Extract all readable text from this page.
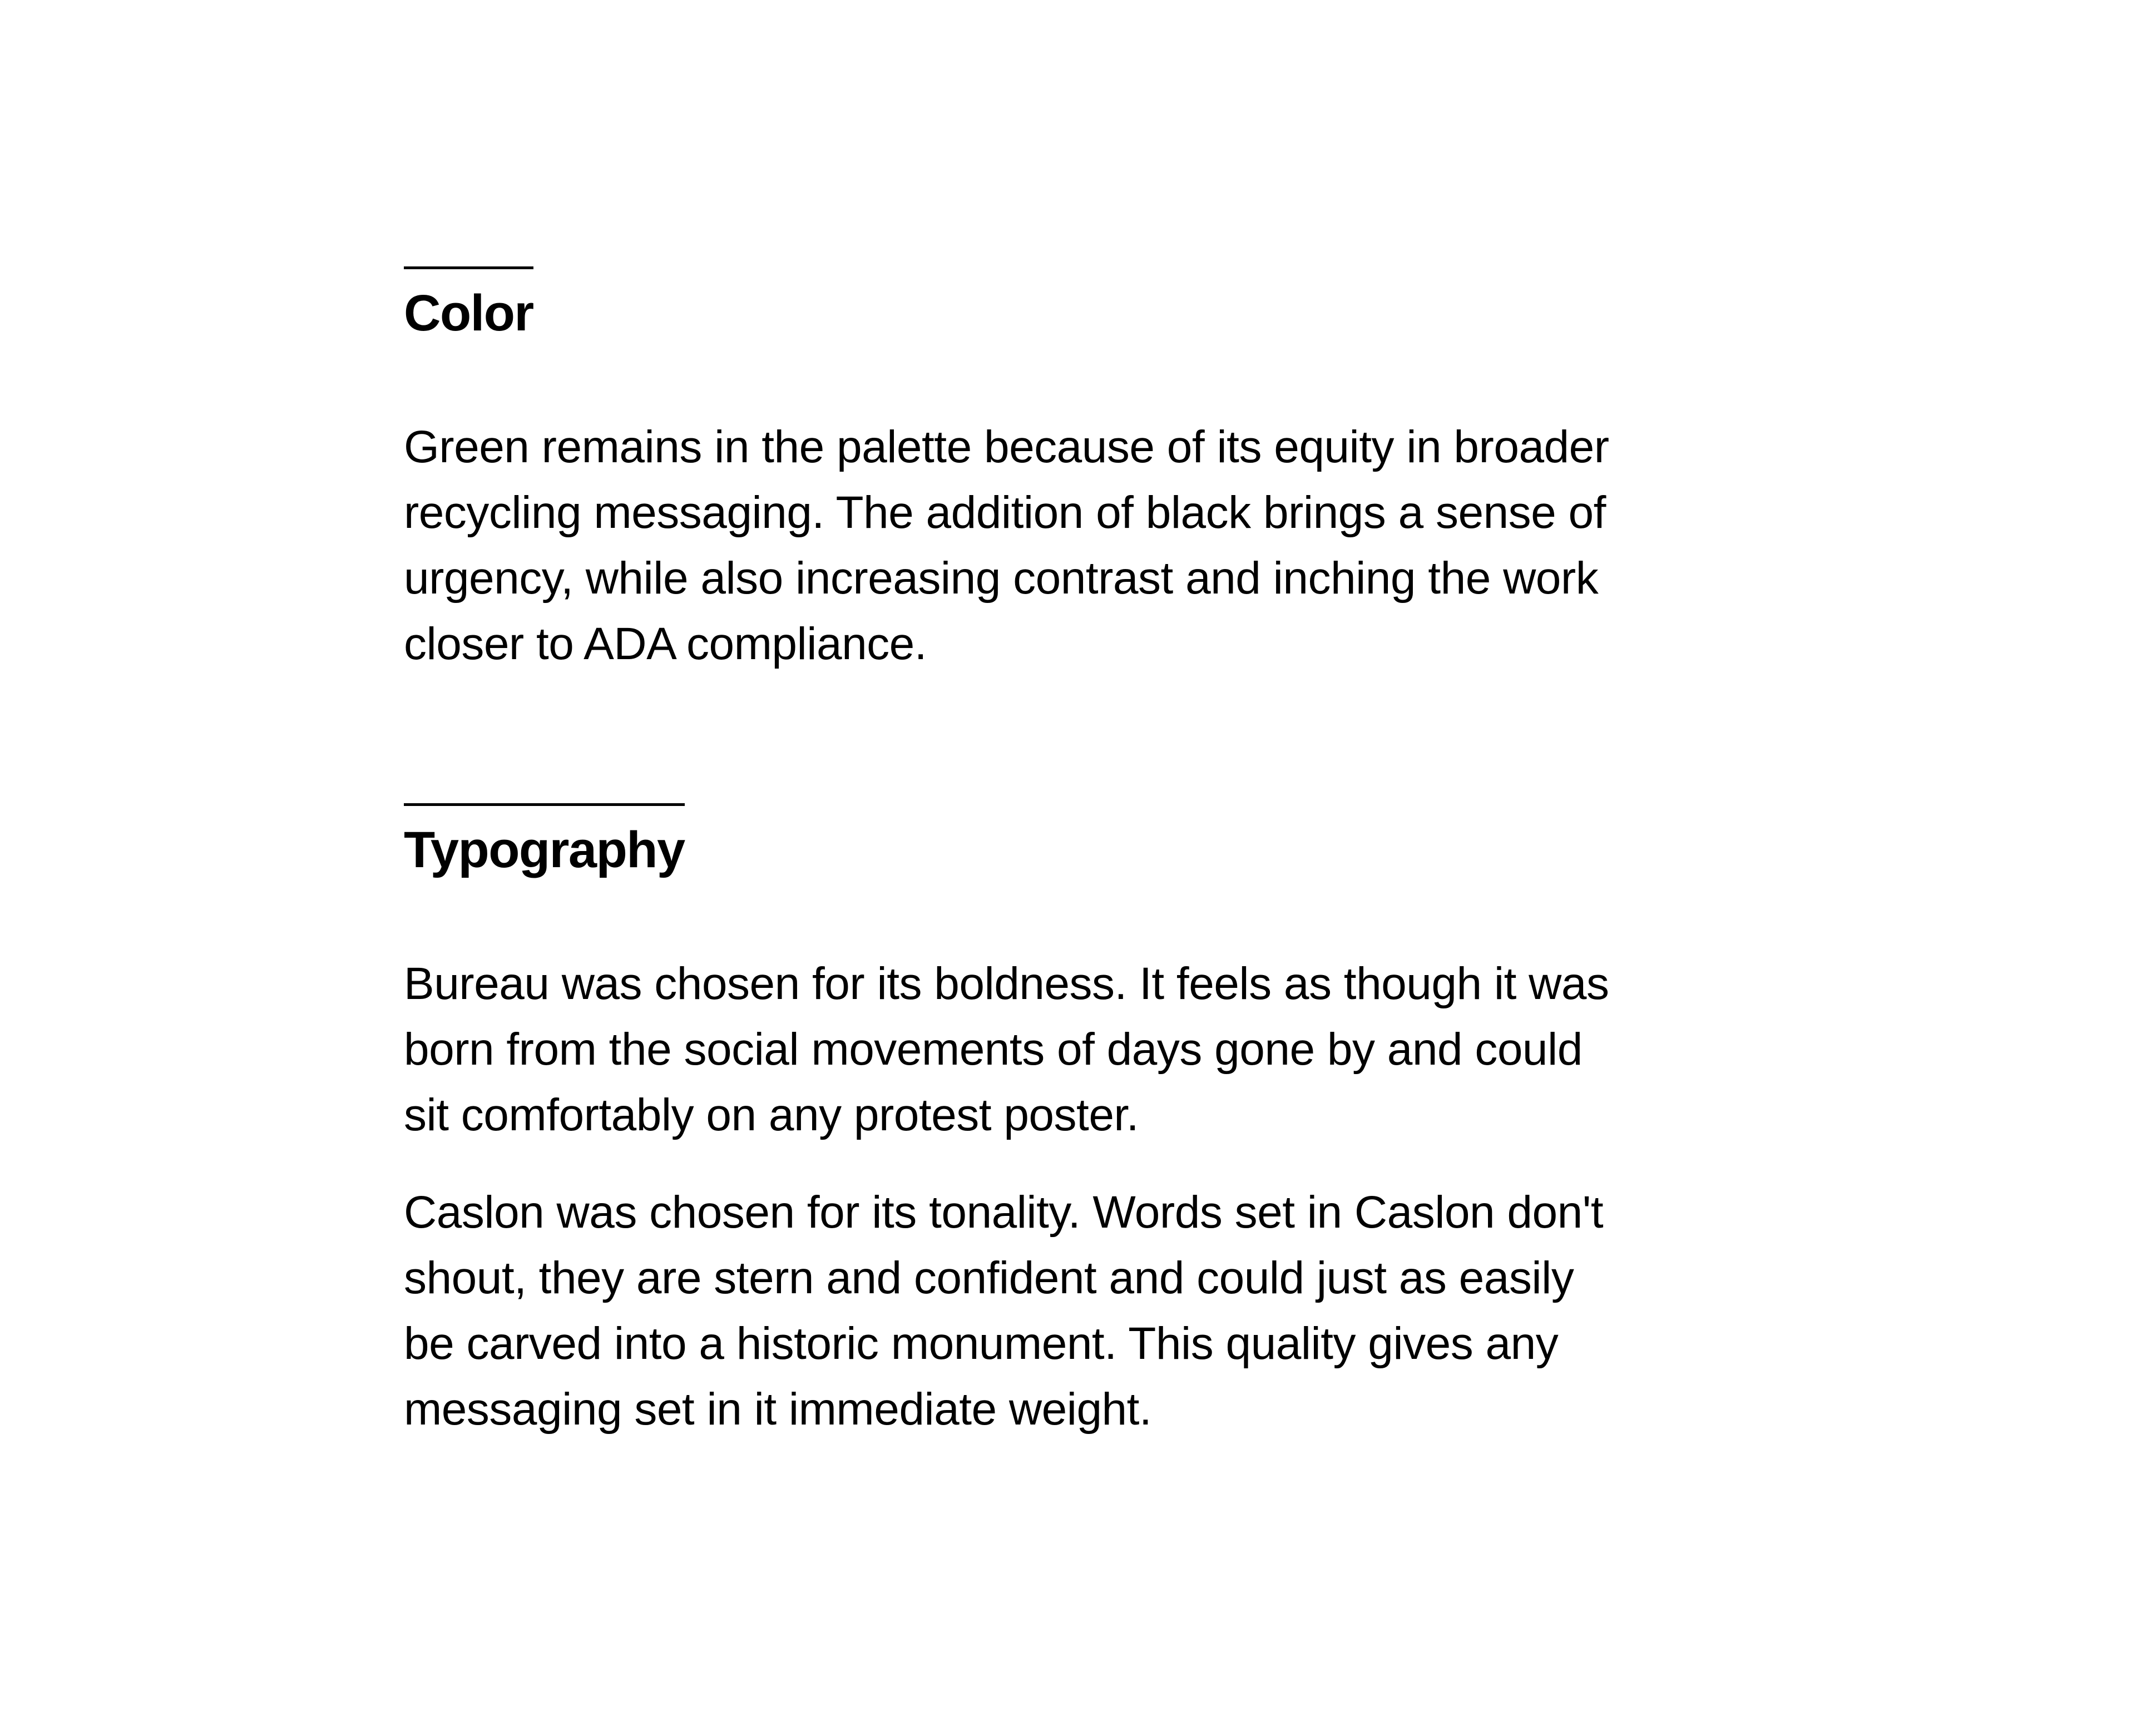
Color

Green remains in the palette because of its equity in broader
recycling messaging. The addition of black brings a sense of
urgency, while also increasing contrast and inching the work
closer to ADA compliance.

Typography

Bureau was chosen for its boldness. It feels as though it was
born from the social movements of days gone by and could
sit comfortably on any protest poster.

Caslon was chosen for its tonality. Words set in Caslon don't
shout, they are stern and confident and could just as easily
be carved into a historic monument. This quality gives any
messaging set in it immediate weight.
